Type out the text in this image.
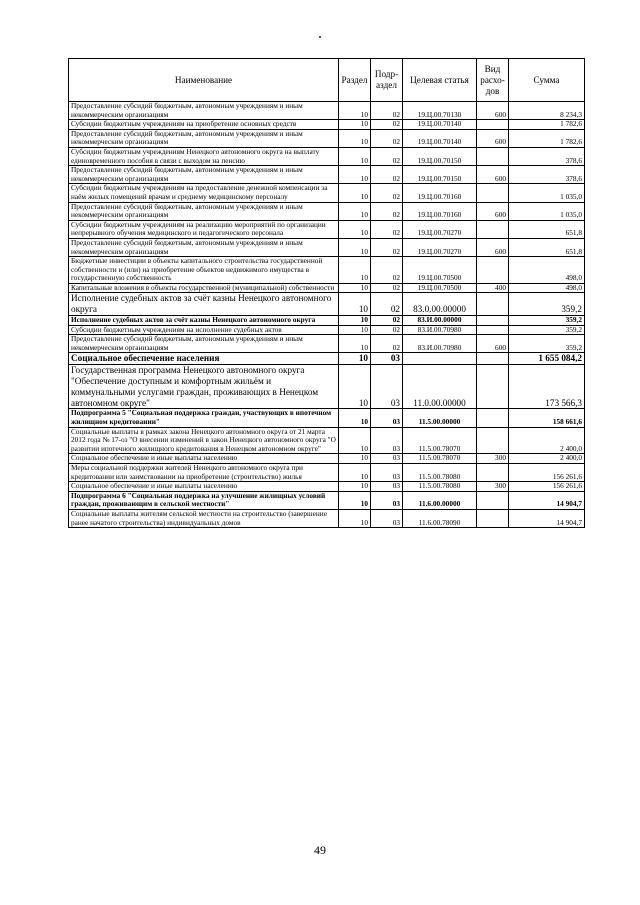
Наименование	Раздел	Подраздел	Целевая статья	Вид расходов	Сумма
Предоставление субсидий бюджетным, автономным учреждениям и иным некоммерческим организациям	10	02	19.Ц.00.70130	600	8 234,3
Субсидии бюджетным учреждениям на приобретение основных средств	10	02	19.Ц.00.70140		1 782,6
Предоставление субсидий бюджетным, автономным учреждениям и иным некоммерческим организациям	10	02	19.Ц.00.70140	600	1 782,6
Субсидии бюджетным учреждениям Ненецкого автономного округа на выплату единовременного пособия в связи с выходом на пенсию	10	02	19.Ц.00.70150		378,6
Предоставление субсидий бюджетным, автономным учреждениям и иным некоммерческим организациям	10	02	19.Ц.00.70150	600	378,6
Субсидии бюджетным учреждениям на предоставление денежной компенсации за наём жилых помещений врачам и среднему медицинскому персоналу	10	02	19.Ц.00.70160		1 035,0
Предоставление субсидий бюджетным, автономным учреждениям и иным некоммерческим организациям	10	02	19.Ц.00.70160	600	1 035,0
Субсидии бюджетным учреждениям на реализацию мероприятий по организации непрерывного обучения медицинского и педагогического персонала	10	02	19.Ц.00.70270		651,8
Предоставление субсидий бюджетным, автономным учреждениям и иным некоммерческим организациям	10	02	19.Ц.00.70270	600	651,8
Бюджетные инвестиции в объекты капитального строительства государственной собственности и (или) на приобретение объектов недвижимого имущества в государственную собственность	10	02	19.Ц.00.70500		498,0
Капитальные вложения в объекты государственной (муниципальной) собственности	10	02	19.Ц.00.70500	400	498,0
Исполнение судебных актов за счёт казны Ненецкого автономного округа	10	02	83.0.00.00000		359,2
Исполнение судебных актов за счёт казны Ненецкого автономного округа	10	02	83.И.00.00000		359,2
Субсидии бюджетным учреждениям на исполнение судебных актов	10	02	83.И.00.70980		359,2
Предоставление субсидий бюджетным, автономным учреждениям и иным некоммерческим организациям	10	02	83.И.00.70980	600	359,2
Социальное обеспечение населения	10	03			1 655 084,2
Государственная программа Ненецкого автономного округа "Обеспечение доступным и комфортным жильём и коммунальными услугами граждан, проживающих в Ненецком автономном округе"	10	03	11.0.00.00000		173 566,3
Подпрограмма 5 "Социальная поддержка граждан, участвующих в ипотечном жилищном кредитовании"	10	03	11.5.00.00000		158 661,6
Социальные выплаты в рамках закона Ненецкого автономного округа от 21 марта 2012 года № 17-оз "О внесении изменений в закон Ненецкого автономного округа "О развитии ипотечного жилищного кредитования в Ненецком автономном округе"	10	03	11.5.00.78070		2 400,0
Социальное обеспечение и иные выплаты населению	10	03	11.5.00.78070	300	2 400,0
Меры социальной поддержки жителей Ненецкого автономного округа при кредитовании или заимствовании на приобретение (строительство) жилья	10	03	11.5.00.78080		156 261,6
Социальное обеспечение и иные выплаты населению	10	03	11.5.00.78080	300	156 261,6
Подпрограмма 6 "Социальная поддержка на улучшение жилищных условий граждан, проживающим в сельской местности"	10	03	11.6.00.00000		14 904,7
Социальные выплаты жителям сельской местности на строительство (завершение ранее начатого строительства) индивидуальных домов	10	03	11.6.00.78090		14 904,7
49
